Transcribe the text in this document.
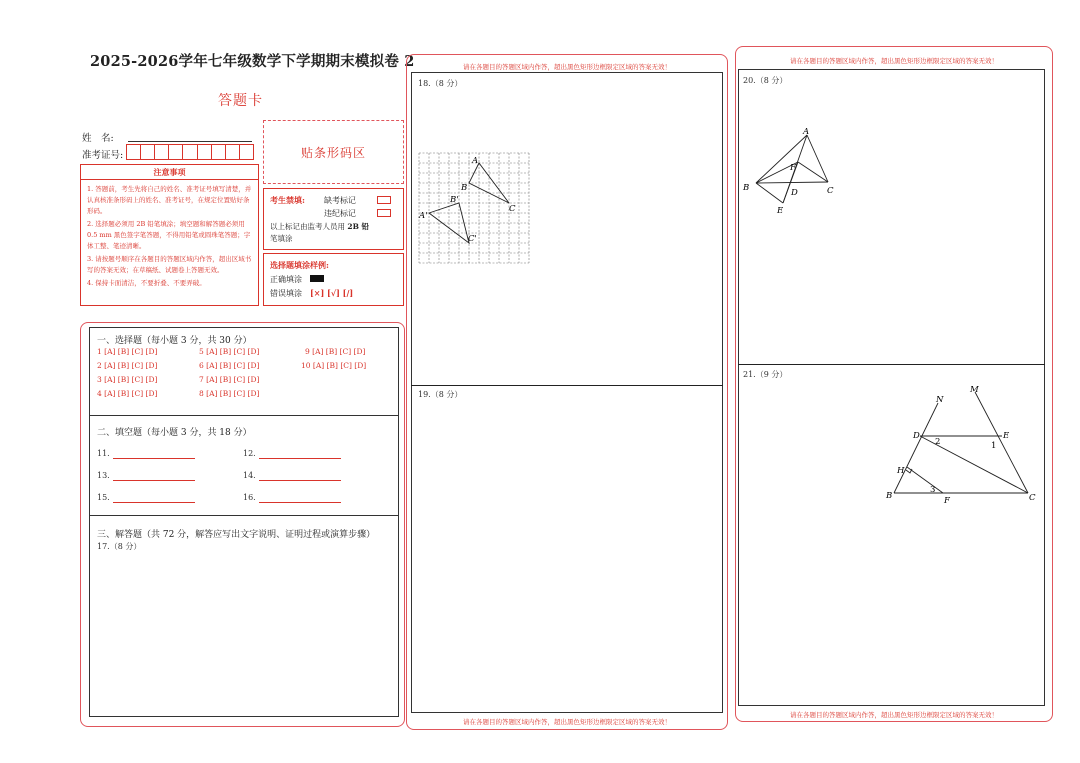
2025-2026学年七年级数学下学期期末模拟卷 2
答题卡
姓　名:
准考证号:	贴条形码区
注意事项
1. 答题前，考生先将自己的姓名、准考证号填写清楚，并认真核准条形码上的姓名、准考证号，在规定位置贴好条形码。
2. 选择题必须用 2B 铅笔填涂；填空题和解答题必须用 0.5 mm 黑色签字笔答题，不得用铅笔或圆珠笔答题；字体工整、笔迹清晰。
3. 请按题号顺序在各题目的答题区域内作答，超出区域书写的答案无效；在草稿纸、试题卷上答题无效。
4. 保持卡面清洁，不要折叠、不要弄破。
考生禁填: 缺考标记
违纪标记
以上标记由监考人员用 2B 铅
笔填涂
选择题填涂样例:
正确填涂
错误填涂 [×] [√] [/]
一、选择题（每小题 3 分，共 30 分）
1 [A] [B] [C] [D]	5 [A] [B] [C] [D]	9 [A] [B] [C] [D]
2 [A] [B] [C] [D]	6 [A] [B] [C] [D]	10 [A] [B] [C] [D]
3 [A] [B] [C] [D]	7 [A] [B] [C] [D]
4 [A] [B] [C] [D]	8 [A] [B] [C] [D]
二、填空题（每小题 3 分，共 18 分）
11.	12.
13.	14.
15.	16.
三、解答题（共 72 分，解答应写出文字说明、证明过程或演算步骤）
17.（8 分）
请在各题目的答题区域内作答，超出黑色矩形边框限定区域的答案无效！
18.（8 分）
A
B
C
A'
B'
C'
19.（8 分）
请在各题目的答题区域内作答，超出黑色矩形边框限定区域的答案无效！
请在各题目的答题区域内作答，超出黑色矩形边框限定区域的答案无效！
20.（8 分）
A
B	C
D
E
F
21.（9 分）
M
N
D	E
H
B	F	C
1
2
3
请在各题目的答题区域内作答，超出黑色矩形边框限定区域的答案无效！
